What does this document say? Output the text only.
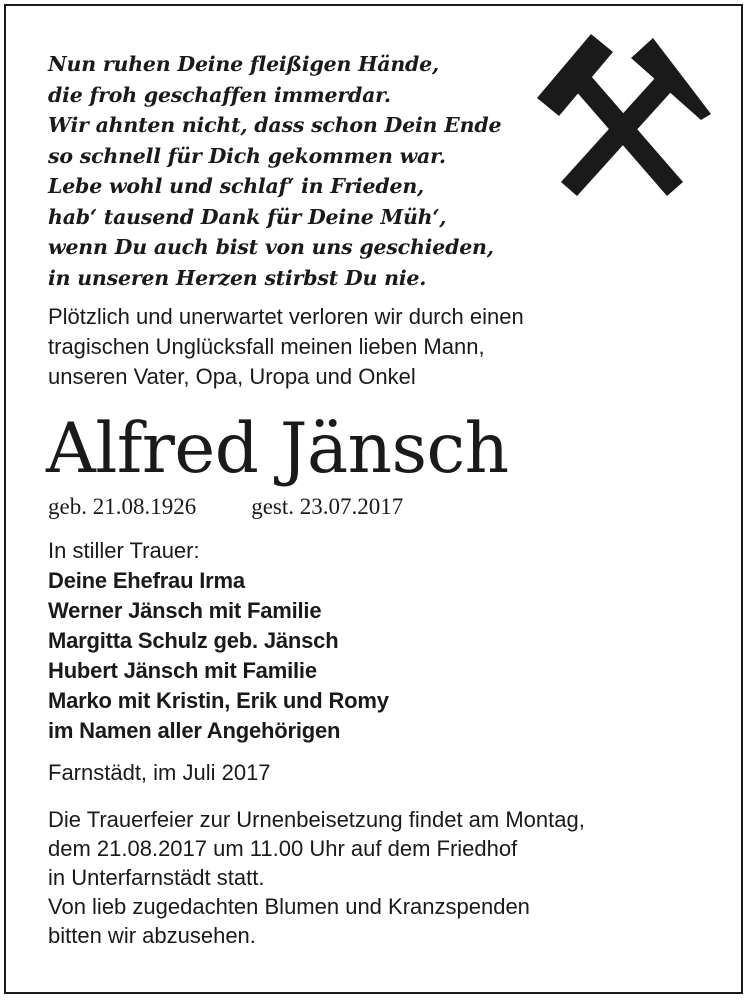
Nun ruhen Deine fleißigen Hände,
die froh geschaffen immerdar.
Wir ahnten nicht, dass schon Dein Ende
so schnell für Dich gekommen war.
Lebe wohl und schlaf‘ in Frieden,
hab‘ tausend Dank für Deine Müh‘,
wenn Du auch bist von uns geschieden,
in unseren Herzen stirbst Du nie.
Plötzlich und unerwartet verloren wir durch einen
tragischen Unglücksfall meinen lieben Mann,
unseren Vater, Opa, Uropa und Onkel
Alfred Jänsch
geb. 21.08.1926 gest. 23.07.2017
In stiller Trauer:
Deine Ehefrau Irma
Werner Jänsch mit Familie
Margitta Schulz geb. Jänsch
Hubert Jänsch mit Familie
Marko mit Kristin, Erik und Romy
im Namen aller Angehörigen
Farnstädt, im Juli 2017
Die Trauerfeier zur Urnenbeisetzung findet am Montag,
dem 21.08.2017 um 11.00 Uhr auf dem Friedhof
in Unterfarnstädt statt.
Von lieb zugedachten Blumen und Kranzspenden
bitten wir abzusehen.
